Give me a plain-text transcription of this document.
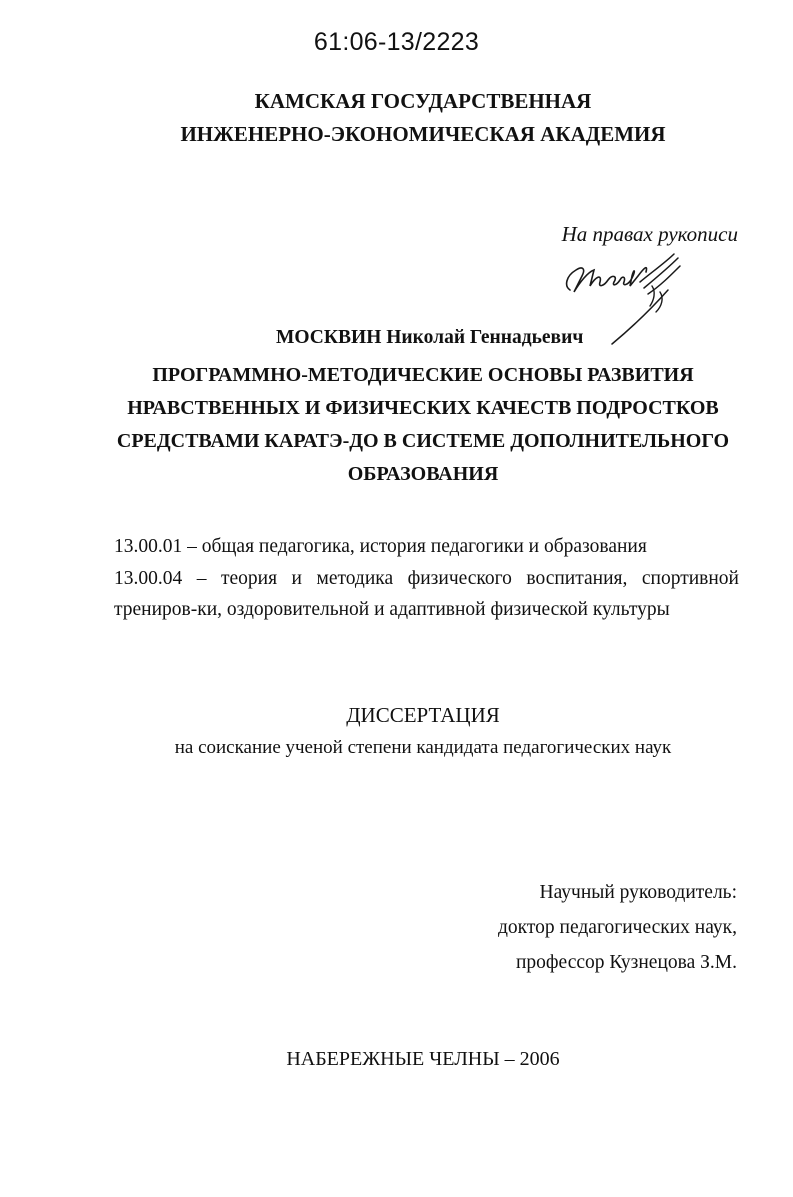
61:06-13/2223
КАМСКАЯ ГОСУДАРСТВЕННАЯ
ИНЖЕНЕРНО-ЭКОНОМИЧЕСКАЯ АКАДЕМИЯ
На правах рукописи
МОСКВИН Николай Геннадьевич
ПРОГРАММНО-МЕТОДИЧЕСКИЕ ОСНОВЫ РАЗВИТИЯ
НРАВСТВЕННЫХ И ФИЗИЧЕСКИХ КАЧЕСТВ ПОДРОСТКОВ
СРЕДСТВАМИ КАРАТЭ-ДО В СИСТЕМЕ ДОПОЛНИТЕЛЬНОГО
ОБРАЗОВАНИЯ
13.00.01 – общая педагогика, история педагогики и образования
13.00.04 – теория и методика физического воспитания, спортивной трениров-ки, оздоровительной и адаптивной физической культуры
ДИССЕРТАЦИЯ
на соискание ученой степени кандидата педагогических наук
Научный руководитель:
доктор педагогических наук,
профессор Кузнецова З.М.
НАБЕРЕЖНЫЕ ЧЕЛНЫ – 2006
